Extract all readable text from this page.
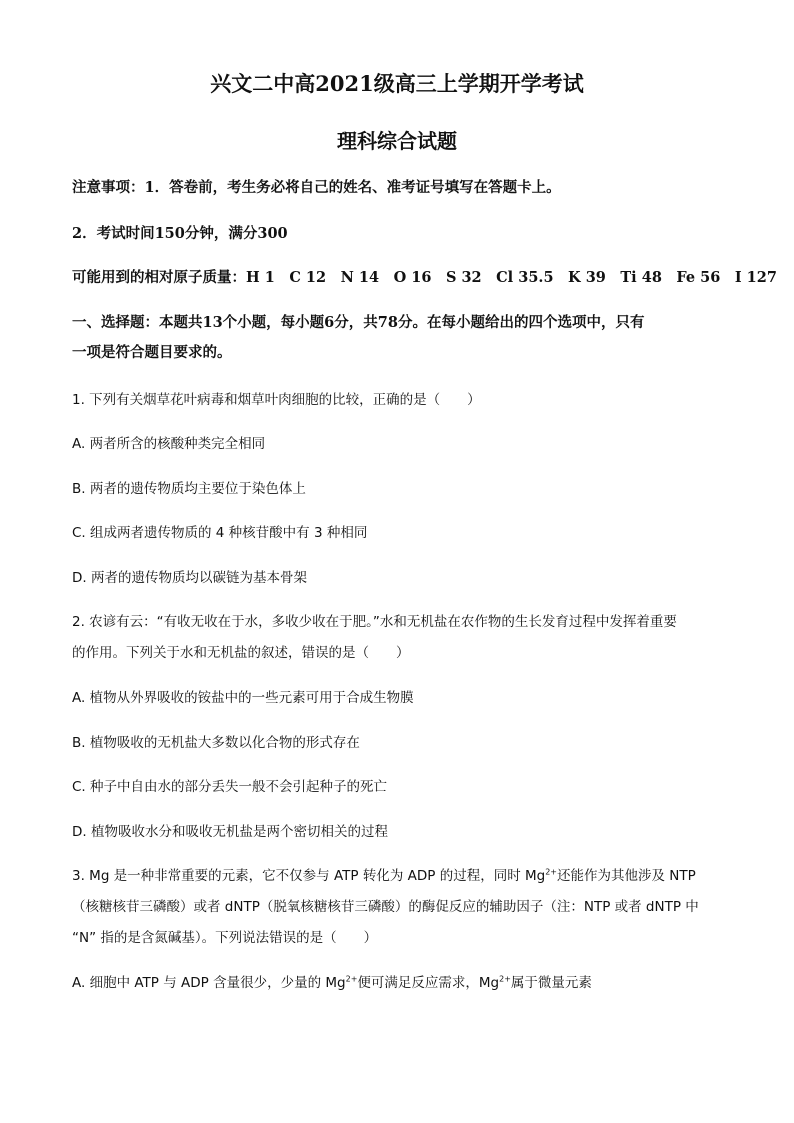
兴文二中高2021级高三上学期开学考试
理科综合试题
注意事项：1．答卷前，考生务必将自己的姓名、准考证号填写在答题卡上。
2．考试时间150分钟，满分300
可能用到的相对原子质量：H 1　C 12　N 14　O 16　S 32　Cl 35.5　K 39　Ti 48　Fe 56　I 127
一、选择题：本题共13个小题，每小题6分，共78分。在每小题给出的四个选项中，只有
一项是符合题目要求的。
1. 下列有关烟草花叶病毒和烟草叶肉细胞的比较，正确的是（　　）
A. 两者所含的核酸种类完全相同
B. 两者的遗传物质均主要位于染色体上
C. 组成两者遗传物质的 4 种核苷酸中有 3 种相同
D. 两者的遗传物质均以碳链为基本骨架
2. 农谚有云：“有收无收在于水，多收少收在于肥。”水和无机盐在农作物的生长发育过程中发挥着重要
的作用。下列关于水和无机盐的叙述，错误的是（　　）
A. 植物从外界吸收的铵盐中的一些元素可用于合成生物膜
B. 植物吸收的无机盐大多数以化合物的形式存在
C. 种子中自由水的部分丢失一般不会引起种子的死亡
D. 植物吸收水分和吸收无机盐是两个密切相关的过程
3. Mg 是一种非常重要的元素，它不仅参与 ATP 转化为 ADP 的过程，同时 $Mg^{2+}$还能作为其他涉及 NTP
（核糖核苷三磷酸）或者 dNTP（脱氧核糖核苷三磷酸）的酶促反应的辅助因子（注：NTP 或者 dNTP 中
“N” 指的是含氮碱基）。下列说法错误的是（　　）
A. 细胞中 ATP 与 ADP 含量很少，少量的 $Mg^{2+}$便可满足反应需求，$Mg^{2+}$属于微量元素
